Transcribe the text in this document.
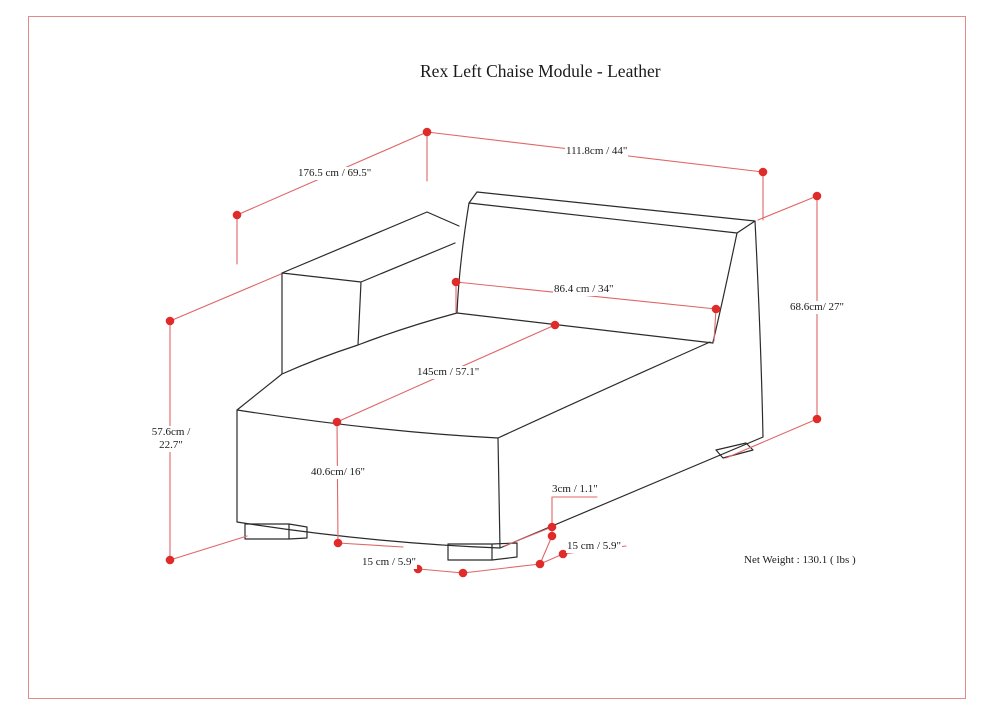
Rex Left Chaise Module - Leather
176.5 cm / 69.5"
111.8cm / 44"
86.4 cm / 34"
68.6cm/ 27"
57.6cm /
22.7"
145cm / 57.1"
40.6cm/ 16"
3cm / 1.1"
15 cm / 5.9"
15 cm / 5.9"
Net Weight : 130.1 ( lbs )
